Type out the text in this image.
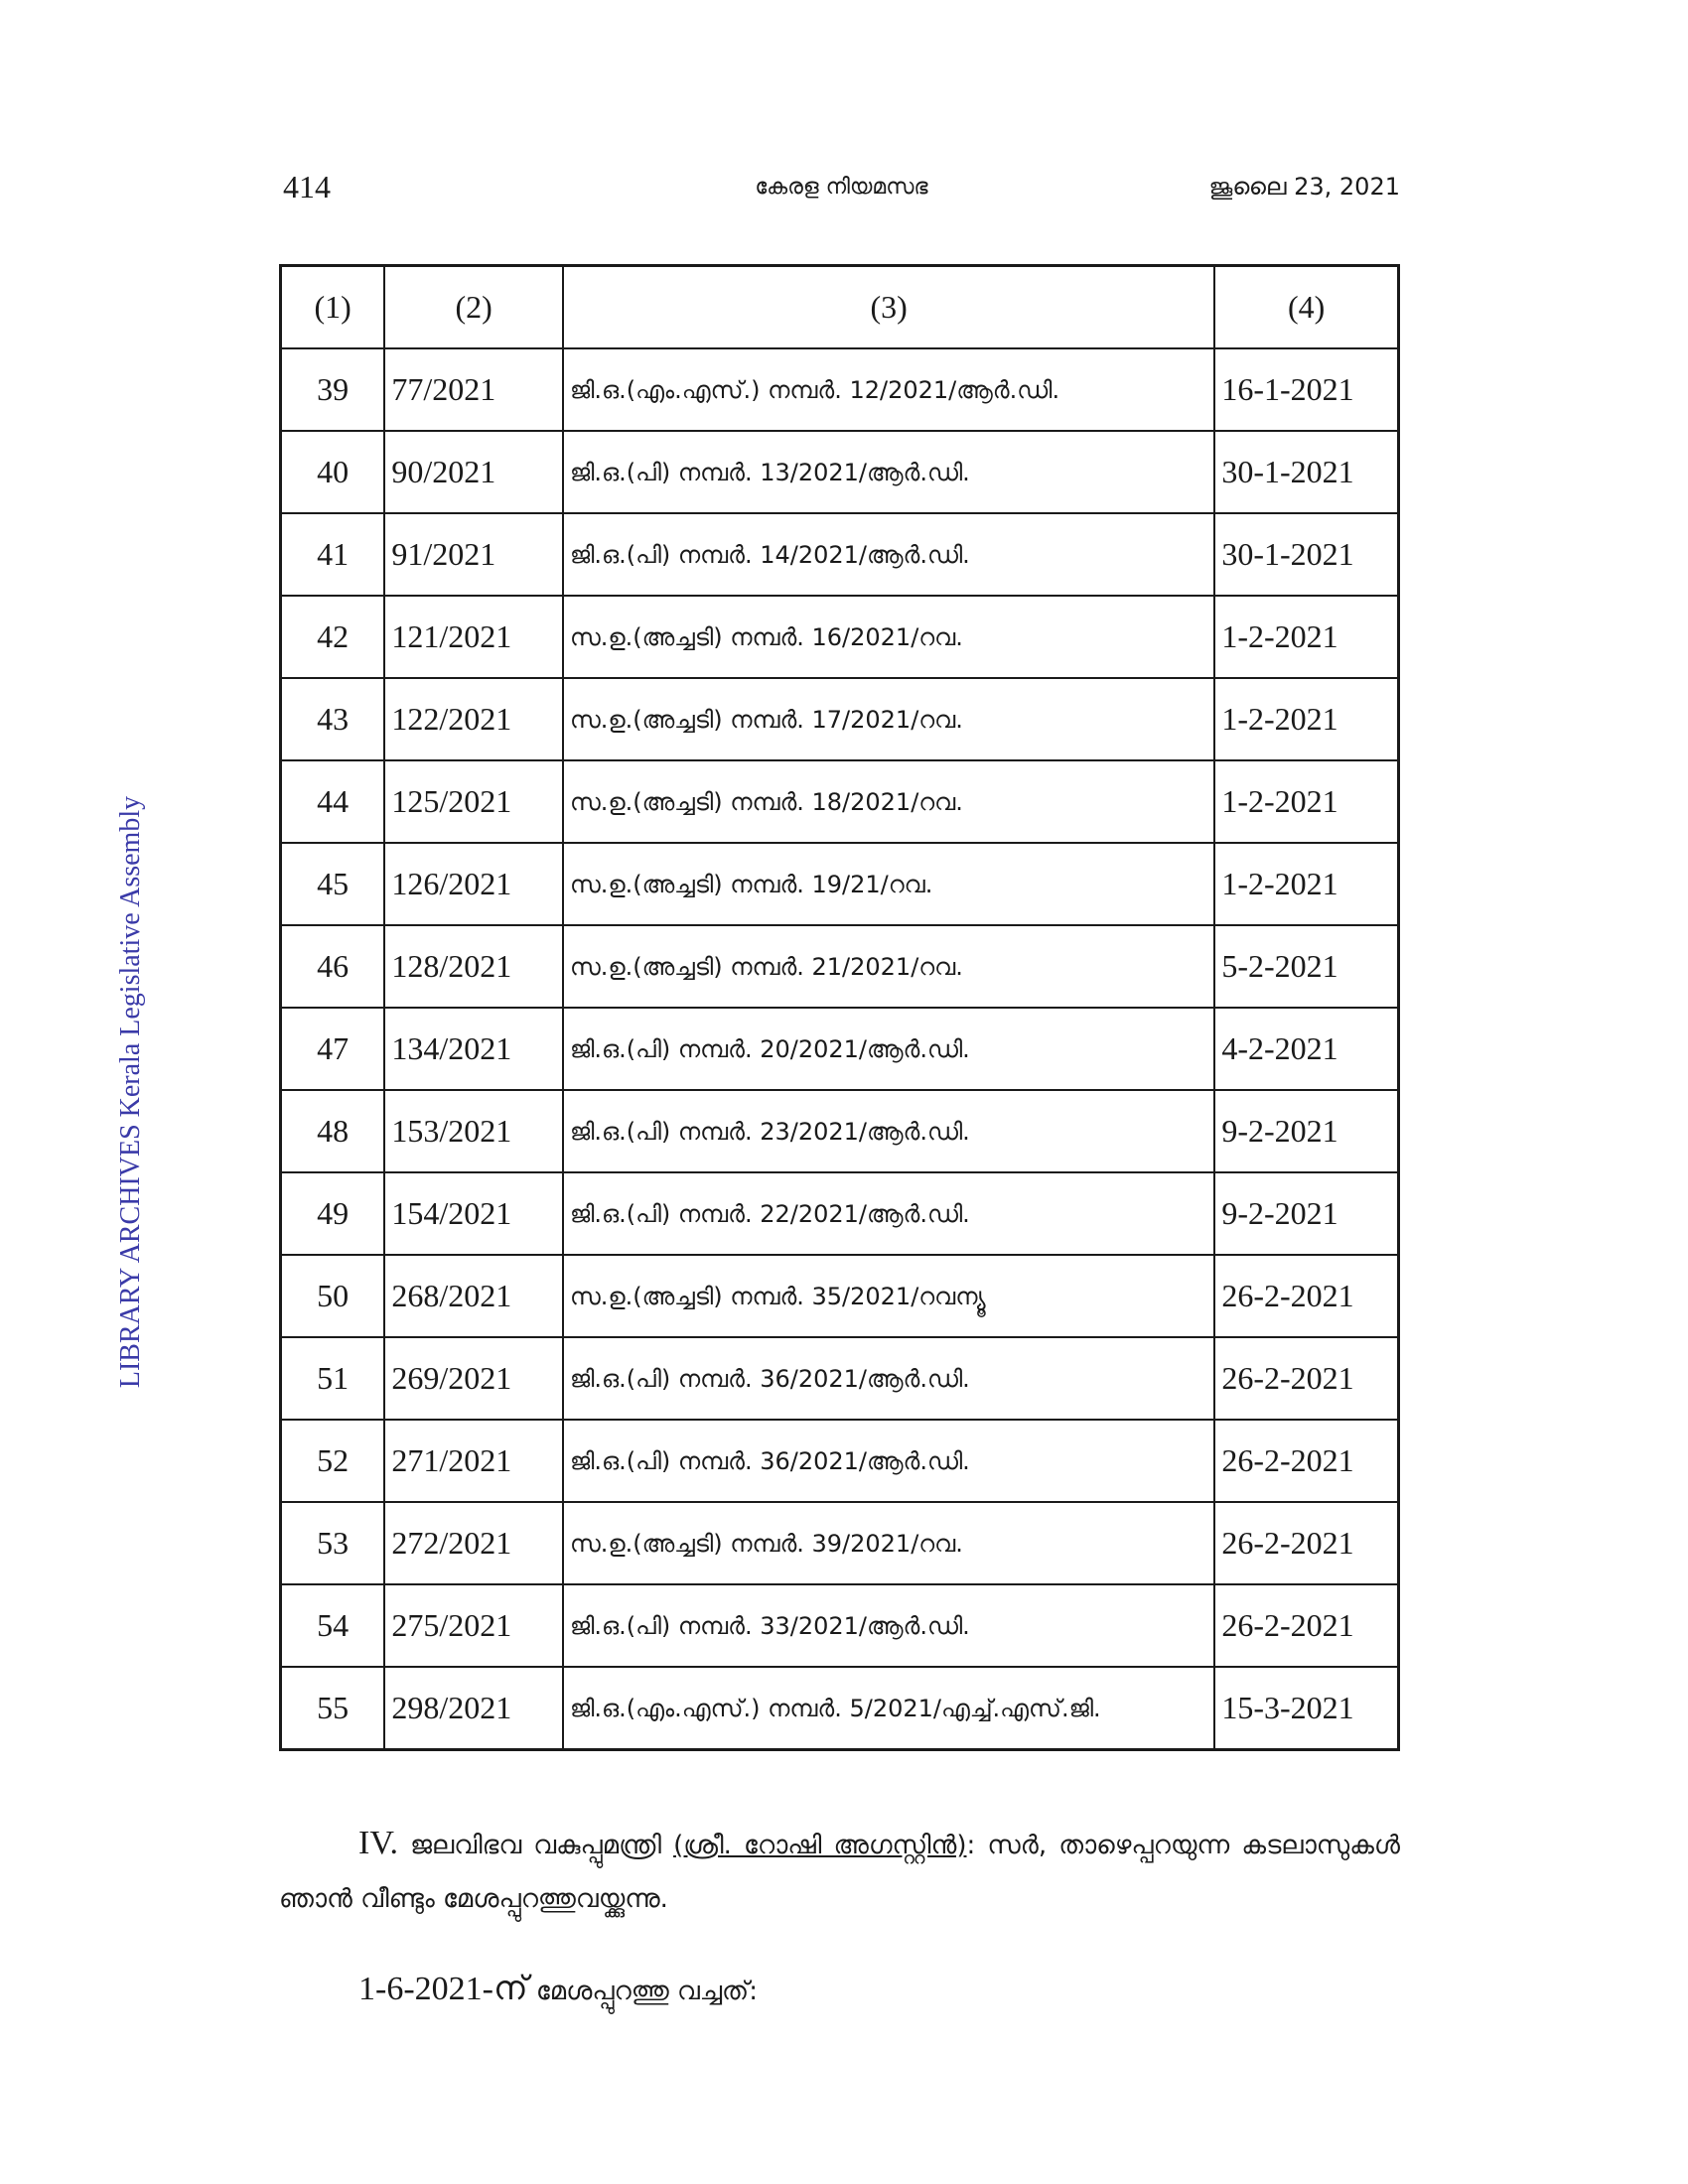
414	കേരള നിയമസഭ	ജൂലൈ 23, 2021
LIBRARY ARCHIVES Kerala Legislative Assembly
(1)	(2)	(3)	(4)
39	77/2021	ജി.ഒ.(എം.എസ്.) നമ്പർ. 12/2021/ആർ.ഡി.	16-1-2021
40	90/2021	ജി.ഒ.(പി) നമ്പർ. 13/2021/ആർ.ഡി.	30-1-2021
41	91/2021	ജി.ഒ.(പി) നമ്പർ. 14/2021/ആർ.ഡി.	30-1-2021
42	121/2021	സ.ഉ.(അച്ചടി) നമ്പർ. 16/2021/റവ.	1-2-2021
43	122/2021	സ.ഉ.(അച്ചടി) നമ്പർ. 17/2021/റവ.	1-2-2021
44	125/2021	സ.ഉ.(അച്ചടി) നമ്പർ. 18/2021/റവ.	1-2-2021
45	126/2021	സ.ഉ.(അച്ചടി) നമ്പർ. 19/21/റവ.	1-2-2021
46	128/2021	സ.ഉ.(അച്ചടി) നമ്പർ. 21/2021/റവ.	5-2-2021
47	134/2021	ജി.ഒ.(പി) നമ്പർ. 20/2021/ആർ.ഡി.	4-2-2021
48	153/2021	ജി.ഒ.(പി) നമ്പർ. 23/2021/ആർ.ഡി.	9-2-2021
49	154/2021	ജി.ഒ.(പി) നമ്പർ. 22/2021/ആർ.ഡി.	9-2-2021
50	268/2021	സ.ഉ.(അച്ചടി) നമ്പർ. 35/2021/റവന്യൂ	26-2-2021
51	269/2021	ജി.ഒ.(പി) നമ്പർ. 36/2021/ആർ.ഡി.	26-2-2021
52	271/2021	ജി.ഒ.(പി) നമ്പർ. 36/2021/ആർ.ഡി.	26-2-2021
53	272/2021	സ.ഉ.(അച്ചടി) നമ്പർ. 39/2021/റവ.	26-2-2021
54	275/2021	ജി.ഒ.(പി) നമ്പർ. 33/2021/ആർ.ഡി.	26-2-2021
55	298/2021	ജി.ഒ.(എം.എസ്.) നമ്പർ. 5/2021/എച്ച്.എസ്.ജി.	15-3-2021
IV. ജലവിഭവ വകുപ്പുമന്ത്രി (ശ്രീ. റോഷി അഗസ്റ്റിൻ): സർ, താഴെപ്പറയുന്ന കടലാസുകൾ ഞാൻ വീണ്ടും മേശപ്പുറത്തുവയ്ക്കുന്നു.
1-6-2021-ന് മേശപ്പുറത്തു വച്ചത്:
